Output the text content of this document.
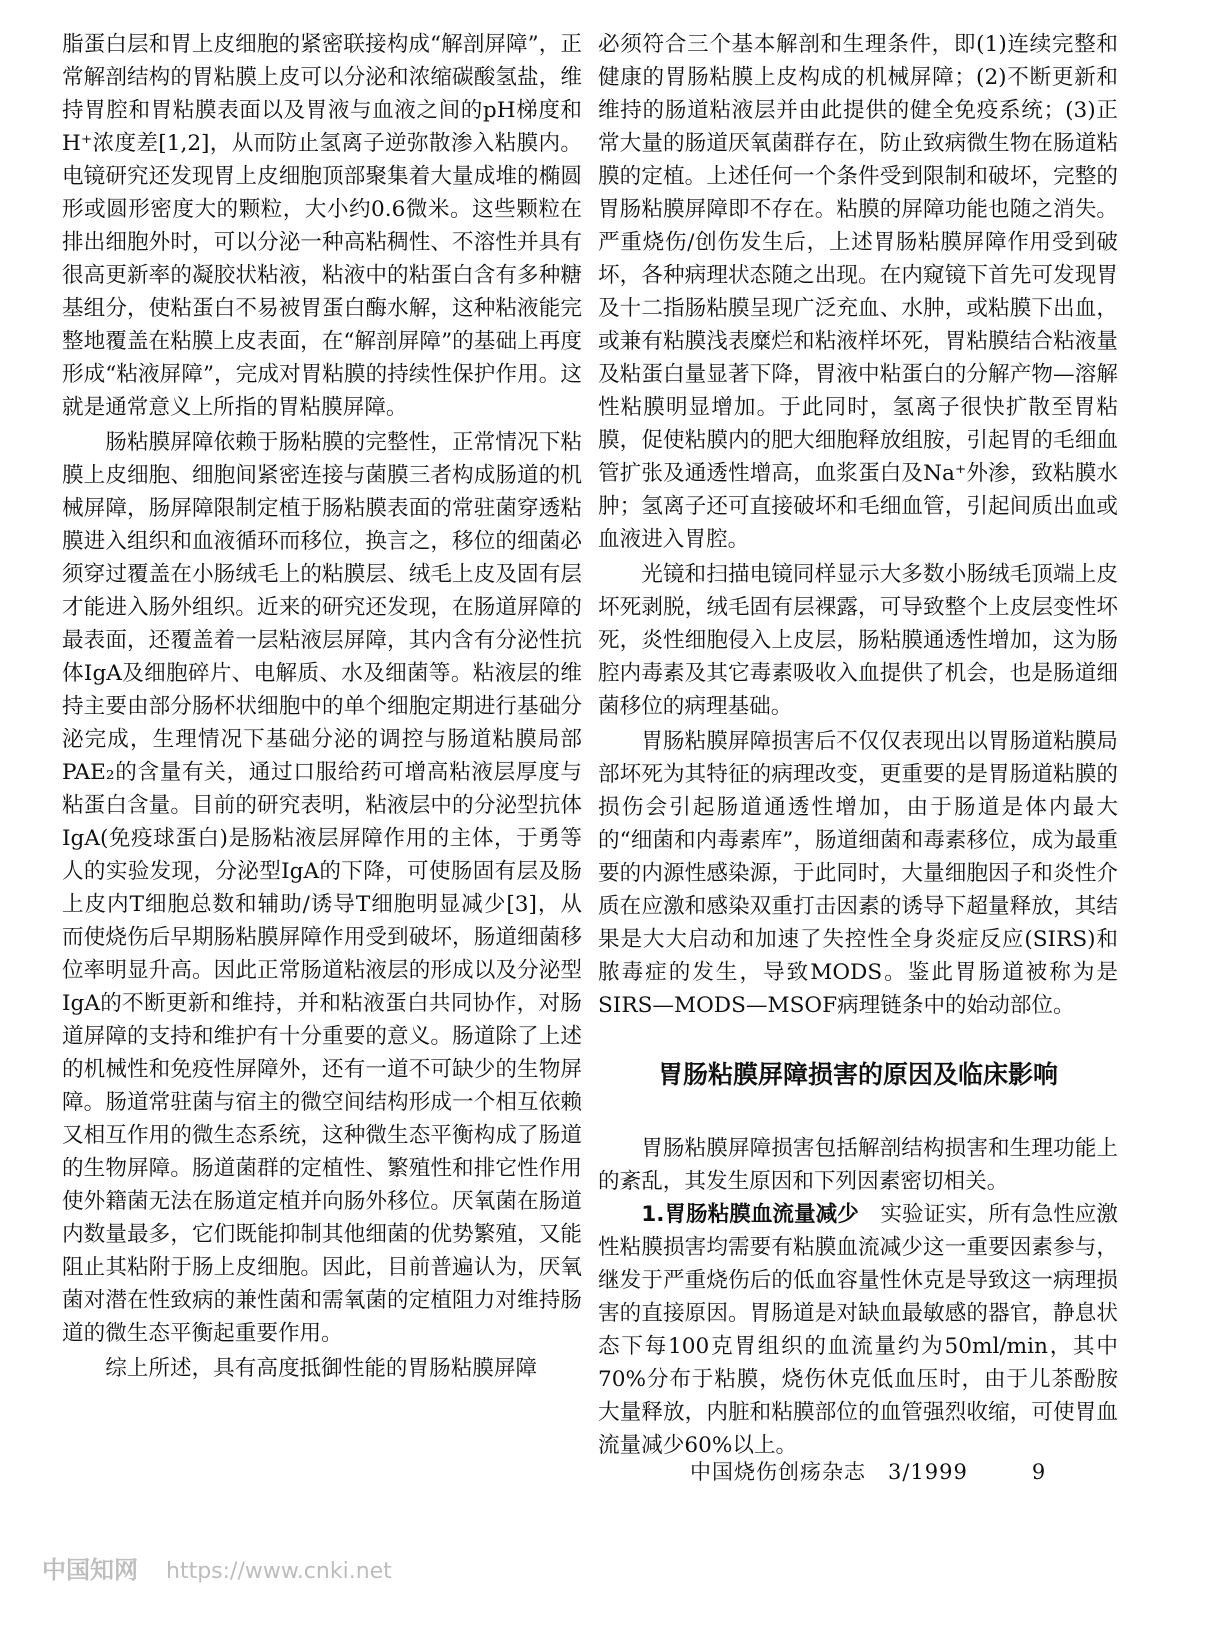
脂蛋白层和胃上皮细胞的紧密联接构成“解剖屏障”，正常解剖结构的胃粘膜上皮可以分泌和浓缩碳酸氢盐，维持胃腔和胃粘膜表面以及胃液与血液之间的pH梯度和H⁺浓度差[1,2]，从而防止氢离子逆弥散渗入粘膜内。电镜研究还发现胃上皮细胞顶部聚集着大量成堆的椭圆形或圆形密度大的颗粒，大小约0.6微米。这些颗粒在排出细胞外时，可以分泌一种高粘稠性、不溶性并具有很高更新率的凝胶状粘液，粘液中的粘蛋白含有多种糖基组分，使粘蛋白不易被胃蛋白酶水解，这种粘液能完整地覆盖在粘膜上皮表面，在“解剖屏障”的基础上再度形成“粘液屏障”，完成对胃粘膜的持续性保护作用。这就是通常意义上所指的胃粘膜屏障。

肠粘膜屏障依赖于肠粘膜的完整性，正常情况下粘膜上皮细胞、细胞间紧密连接与菌膜三者构成肠道的机械屏障，肠屏障限制定植于肠粘膜表面的常驻菌穿透粘膜进入组织和血液循环而移位，换言之，移位的细菌必须穿过覆盖在小肠绒毛上的粘膜层、绒毛上皮及固有层才能进入肠外组织。近来的研究还发现，在肠道屏障的最表面，还覆盖着一层粘液层屏障，其内含有分泌性抗体IgA及细胞碎片、电解质、水及细菌等。粘液层的维持主要由部分肠杯状细胞中的单个细胞定期进行基础分泌完成，生理情况下基础分泌的调控与肠道粘膜局部PAE₂的含量有关，通过口服给药可增高粘液层厚度与粘蛋白含量。目前的研究表明，粘液层中的分泌型抗体IgA(免疫球蛋白)是肠粘液层屏障作用的主体，于勇等人的实验发现，分泌型IgA的下降，可使肠固有层及肠上皮内T细胞总数和辅助/诱导T细胞明显减少[3]，从而使烧伤后早期肠粘膜屏障作用受到破坏，肠道细菌移位率明显升高。因此正常肠道粘液层的形成以及分泌型IgA的不断更新和维持，并和粘液蛋白共同协作，对肠道屏障的支持和维护有十分重要的意义。肠道除了上述的机械性和免疫性屏障外，还有一道不可缺少的生物屏障。肠道常驻菌与宿主的微空间结构形成一个相互依赖又相互作用的微生态系统，这种微生态平衡构成了肠道的生物屏障。肠道菌群的定植性、繁殖性和排它性作用使外籍菌无法在肠道定植并向肠外移位。厌氧菌在肠道内数量最多，它们既能抑制其他细菌的优势繁殖，又能阻止其粘附于肠上皮细胞。因此，目前普遍认为，厌氧菌对潜在性致病的兼性菌和需氧菌的定植阻力对维持肠道的微生态平衡起重要作用。

综上所述，具有高度抵御性能的胃肠粘膜屏障

必须符合三个基本解剖和生理条件，即(1)连续完整和健康的胃肠粘膜上皮构成的机械屏障；(2)不断更新和维持的肠道粘液层并由此提供的健全免疫系统；(3)正常大量的肠道厌氧菌群存在，防止致病微生物在肠道粘膜的定植。上述任何一个条件受到限制和破坏，完整的胃肠粘膜屏障即不存在。粘膜的屏障功能也随之消失。严重烧伤/创伤发生后，上述胃肠粘膜屏障作用受到破坏，各种病理状态随之出现。在内窥镜下首先可发现胃及十二指肠粘膜呈现广泛充血、水肿，或粘膜下出血，或兼有粘膜浅表糜烂和粘液样坏死，胃粘膜结合粘液量及粘蛋白量显著下降，胃液中粘蛋白的分解产物—溶解性粘膜明显增加。于此同时，氢离子很快扩散至胃粘膜，促使粘膜内的肥大细胞释放组胺，引起胃的毛细血管扩张及通透性增高，血浆蛋白及Na⁺外渗，致粘膜水肿；氢离子还可直接破坏和毛细血管，引起间质出血或血液进入胃腔。

光镜和扫描电镜同样显示大多数小肠绒毛顶端上皮坏死剥脱，绒毛固有层裸露，可导致整个上皮层变性坏死，炎性细胞侵入上皮层，肠粘膜通透性增加，这为肠腔内毒素及其它毒素吸收入血提供了机会，也是肠道细菌移位的病理基础。

胃肠粘膜屏障损害后不仅仅表现出以胃肠道粘膜局部坏死为其特征的病理改变，更重要的是胃肠道粘膜的损伤会引起肠道通透性增加，由于肠道是体内最大的“细菌和内毒素库”，肠道细菌和毒素移位，成为最重要的内源性感染源，于此同时，大量细胞因子和炎性介质在应激和感染双重打击因素的诱导下超量释放，其结果是大大启动和加速了失控性全身炎症反应(SIRS)和脓毒症的发生，导致MODS。鉴此胃肠道被称为是SIRS—MODS—MSOF病理链条中的始动部位。

胃肠粘膜屏障损害的原因及临床影响

胃肠粘膜屏障损害包括解剖结构损害和生理功能上的紊乱，其发生原因和下列因素密切相关。

1.胃肠粘膜血流量减少　实验证实，所有急性应激性粘膜损害均需要有粘膜血流减少这一重要因素参与，继发于严重烧伤后的低血容量性休克是导致这一病理损害的直接原因。胃肠道是对缺血最敏感的器官，静息状态下每100克胃组织的血流量约为50ml/min，其中70%分布于粘膜，烧伤休克低血压时，由于儿茶酚胺大量释放，内脏和粘膜部位的血管强烈收缩，可使胃血流量减少60%以上。

中国烧伤创疡杂志　3/1999	9
中国知网 https://www.cnki.net
